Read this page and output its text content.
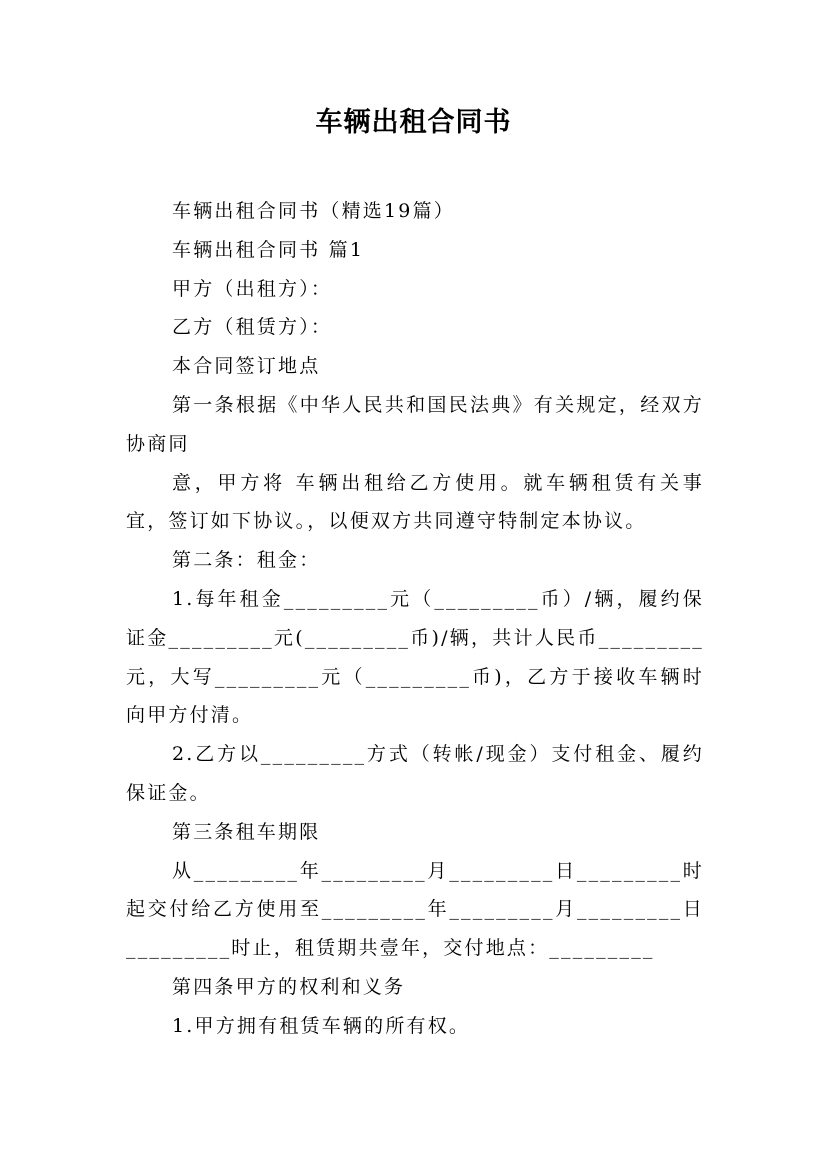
车辆出租合同书

车辆出租合同书（精选19篇）

车辆出租合同书 篇1

甲方（出租方）：

乙方（租赁方）：

本合同签订地点

第一条根据《中华人民共和国民法典》有关规定，经双方协商同

意，甲方将 车辆出租给乙方使用。就车辆租赁有关事宜，签订如下协议。，以便双方共同遵守特制定本协议。

第二条：租金：

1.每年租金_________元（_________币）/辆，履约保证金_________元(_________币)/辆，共计人民币_________元，大写_________元（_________币)，乙方于接收车辆时向甲方付清。

2.乙方以_________方式（转帐/现金）支付租金、履约保证金。

第三条租车期限

从_________年_________月_________日_________时起交付给乙方使用至_________年_________月_________日_________时止，租赁期共壹年，交付地点：_________

第四条甲方的权利和义务

1.甲方拥有租赁车辆的所有权。
